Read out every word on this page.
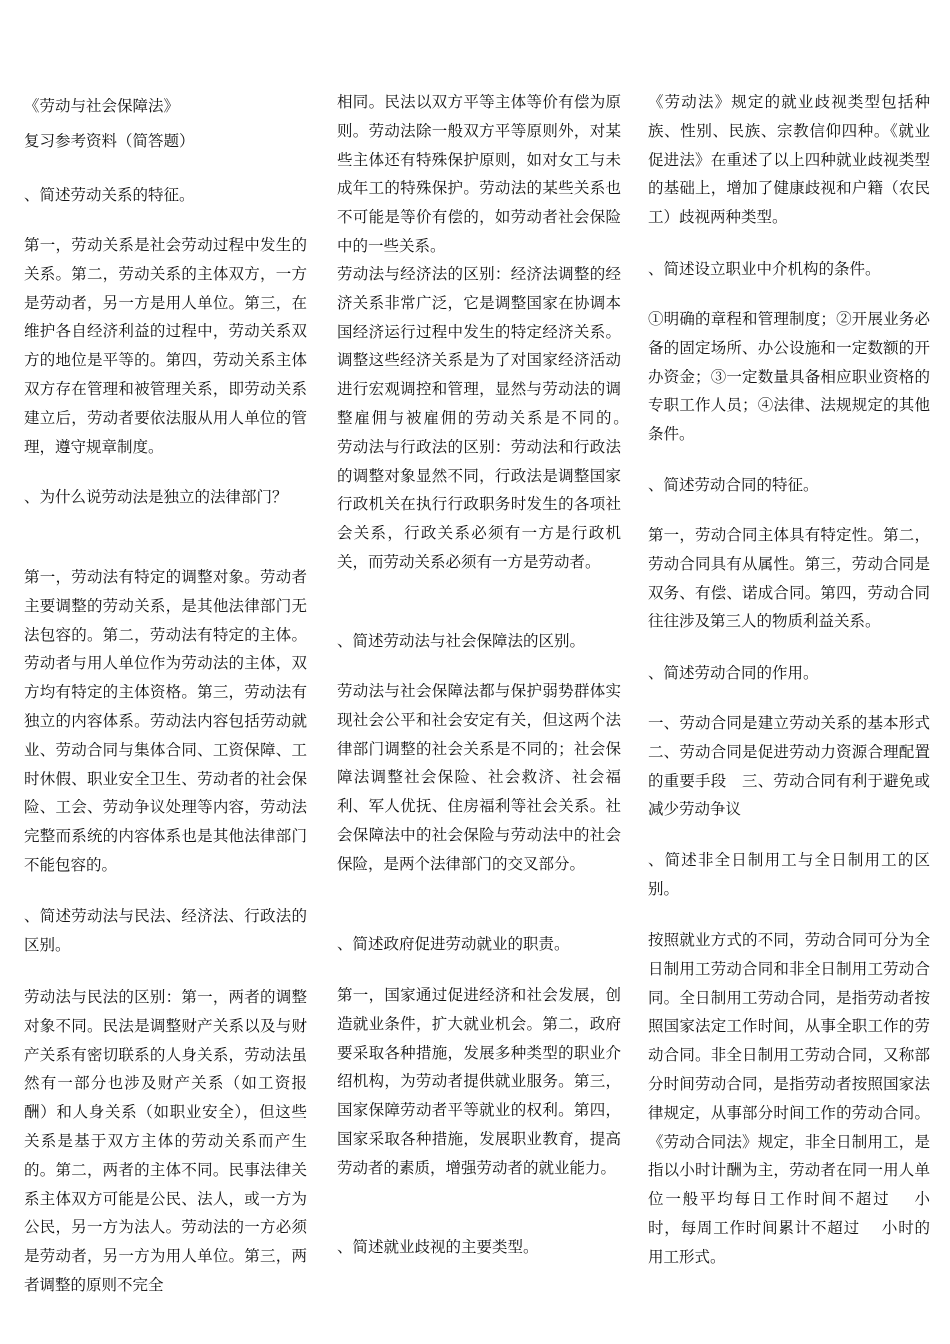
《劳动与社会保障法》

复习参考资料（简答题）

、简述劳动关系的特征。

第一，劳动关系是社会劳动过程中发生的关系。第二，劳动关系的主体双方，一方是劳动者，另一方是用人单位。第三，在维护各自经济利益的过程中，劳动关系双方的地位是平等的。第四，劳动关系主体双方存在管理和被管理关系，即劳动关系建立后，劳动者要依法服从用人单位的管理，遵守规章制度。

、为什么说劳动法是独立的法律部门？

第一，劳动法有特定的调整对象。劳动者主要调整的劳动关系，是其他法律部门无法包容的。第二，劳动法有特定的主体。劳动者与用人单位作为劳动法的主体，双方均有特定的主体资格。第三，劳动法有独立的内容体系。劳动法内容包括劳动就业、劳动合同与集体合同、工资保障、工时休假、职业安全卫生、劳动者的社会保险、工会、劳动争议处理等内容，劳动法完整而系统的内容体系也是其他法律部门不能包容的。

、简述劳动法与民法、经济法、行政法的区别。

劳动法与民法的区别：第一，两者的调整对象不同。民法是调整财产关系以及与财产关系有密切联系的人身关系，劳动法虽然有一部分也涉及财产关系（如工资报酬）和人身关系（如职业安全），但这些关系是基于双方主体的劳动关系而产生的。第二，两者的主体不同。民事法律关系主体双方可能是公民、法人，或一方为公民，另一方为法人。劳动法的一方必须是劳动者，另一方为用人单位。第三，两者调整的原则不完全

相同。民法以双方平等主体等价有偿为原则。劳动法除一般双方平等原则外，对某些主体还有特殊保护原则，如对女工与未成年工的特殊保护。劳动法的某些关系也不可能是等价有偿的，如劳动者社会保险中的一些关系。

劳动法与经济法的区别：经济法调整的经济关系非常广泛，它是调整国家在协调本国经济运行过程中发生的特定经济关系。调整这些经济关系是为了对国家经济活动进行宏观调控和管理，显然与劳动法的调整雇佣与被雇佣的劳动关系是不同的。　劳动法与行政法的区别：劳动法和行政法的调整对象显然不同，行政法是调整国家行政机关在执行行政职务时发生的各项社会关系，行政关系必须有一方是行政机关，而劳动关系必须有一方是劳动者。

、简述劳动法与社会保障法的区别。

劳动法与社会保障法都与保护弱势群体实现社会公平和社会安定有关，但这两个法律部门调整的社会关系是不同的；社会保障法调整社会保险、社会救济、社会福利、军人优抚、住房福利等社会关系。社会保障法中的社会保险与劳动法中的社会保险，是两个法律部门的交叉部分。

、简述政府促进劳动就业的职责。

第一，国家通过促进经济和社会发展，创造就业条件，扩大就业机会。第二，政府要采取各种措施，发展多种类型的职业介绍机构，为劳动者提供就业服务。第三，国家保障劳动者平等就业的权利。第四，国家采取各种措施，发展职业教育，提高劳动者的素质，增强劳动者的就业能力。

、简述就业歧视的主要类型。

《劳动法》规定的就业歧视类型包括种族、性别、民族、宗教信仰四种。《就业促进法》在重述了以上四种就业歧视类型的基础上，增加了健康歧视和户籍（农民工）歧视两种类型。

、简述设立职业中介机构的条件。

①明确的章程和管理制度；②开展业务必备的固定场所、办公设施和一定数额的开办资金；③一定数量具备相应职业资格的专职工作人员；④法律、法规规定的其他条件。

、简述劳动合同的特征。

第一，劳动合同主体具有特定性。第二，劳动合同具有从属性。第三，劳动合同是双务、有偿、诺成合同。第四，劳动合同往往涉及第三人的物质利益关系。

、简述劳动合同的作用。

一、劳动合同是建立劳动关系的基本形式　二、劳动合同是促进劳动力资源合理配置的重要手段　三、劳动合同有利于避免或减少劳动争议

、简述非全日制用工与全日制用工的区别。

按照就业方式的不同，劳动合同可分为全日制用工劳动合同和非全日制用工劳动合同。全日制用工劳动合同，是指劳动者按照国家法定工作时间，从事全职工作的劳动合同。非全日制用工劳动合同，又称部分时间劳动合同，是指劳动者按照国家法律规定，从事部分时间工作的劳动合同。《劳动合同法》规定，非全日制用工，是指以小时计酬为主，劳动者在同一用人单位一般平均每日工作时间不超过　 小时，每周工作时间累计不超过　 小时的用工形式。
